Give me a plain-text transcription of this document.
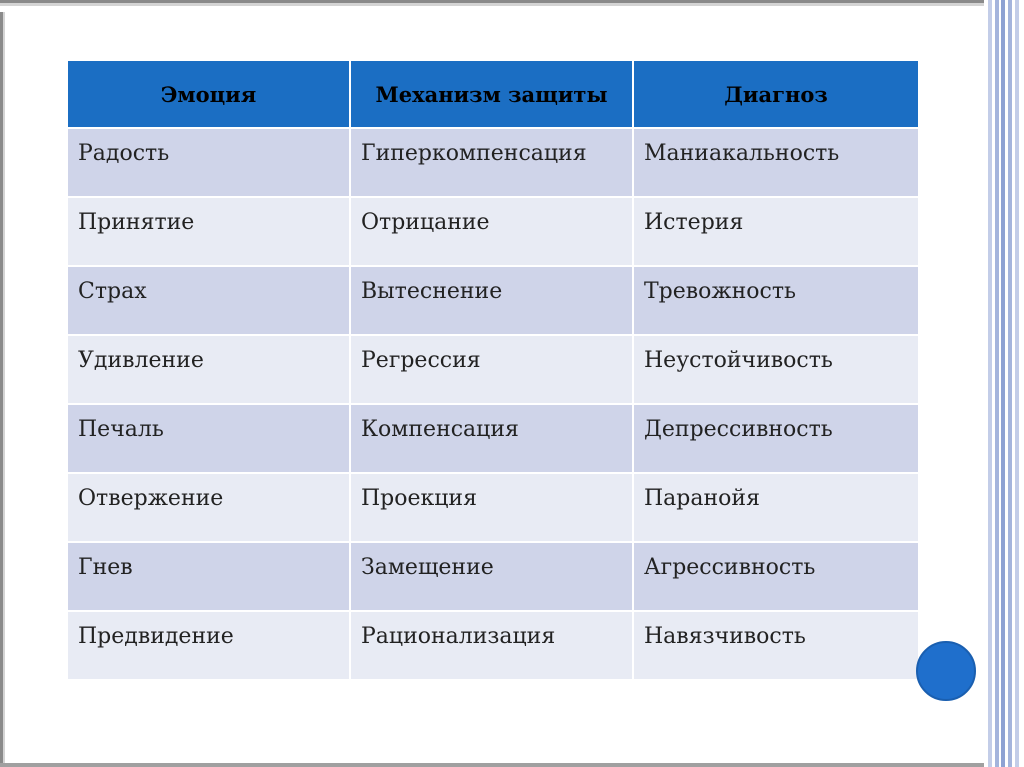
Эмоция	Механизм защиты	Диагноз
Радость	Гиперкомпенсация	Маниакальность
Принятие	Отрицание	Истерия
Страх	Вытеснение	Тревожность
Удивление	Регрессия	Неустойчивость
Печаль	Компенсация	Депрессивность
Отвержение	Проекция	Паранойя
Гнев	Замещение	Агрессивность
Предвидение	Рационализация	Навязчивость
